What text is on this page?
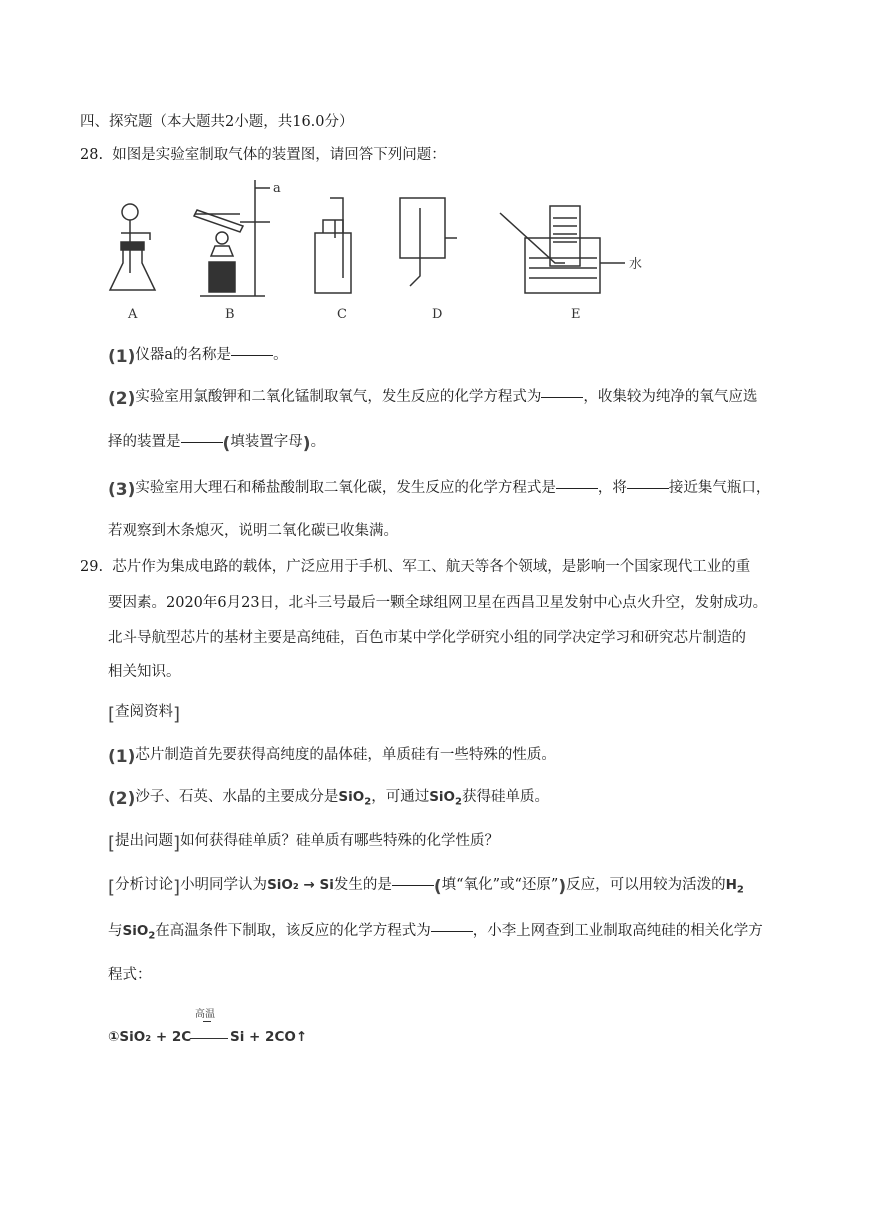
四、探究题（本大题共2小题，共16.0分）
28. 如图是实验室制取气体的装置图，请回答下列问题：
A	B	C	D	E
a
水
(1)仪器a的名称是	。
(2)实验室用氯酸钾和二氧化锰制取氧气，发生反应的化学方程式为	，收集较为纯净的氧气应选
择的装置是 (填装置字母)。
(3)实验室用大理石和稀盐酸制取二氧化碳，发生反应的化学方程式是	，将	接近集气瓶口，
若观察到木条熄灭，说明二氧化碳已收集满。
29. 芯片作为集成电路的载体，广泛应用于手机、军工、航天等各个领域，是影响一个国家现代工业的重
要因素。2020年6月23日，北斗三号最后一颗全球组网卫星在西昌卫星发射中心点火升空，发射成功。
北斗导航型芯片的基材主要是高纯硅，百色市某中学化学研究小组的同学决定学习和研究芯片制造的
相关知识。
[查阅资料]
(1)芯片制造首先要获得高纯度的晶体硅，单质硅有一些特殊的性质。
(2)沙子、石英、水晶的主要成分是SiO$_2$，可通过SiO$_2$获得硅单质。
[提出问题]如何获得硅单质？硅单质有哪些特殊的化学性质？
[分析讨论]小明同学认为SiO₂ → Si发生的是 (填“氧化”或“还原”)反应，可以用较为活泼的$H_2$
与SiO$_2$在高温条件下制取，该反应的化学方程式为	，小李上网查到工业制取高纯硅的相关化学方
程式：
高温
①SiO₂ + 2C	Si + 2CO↑
